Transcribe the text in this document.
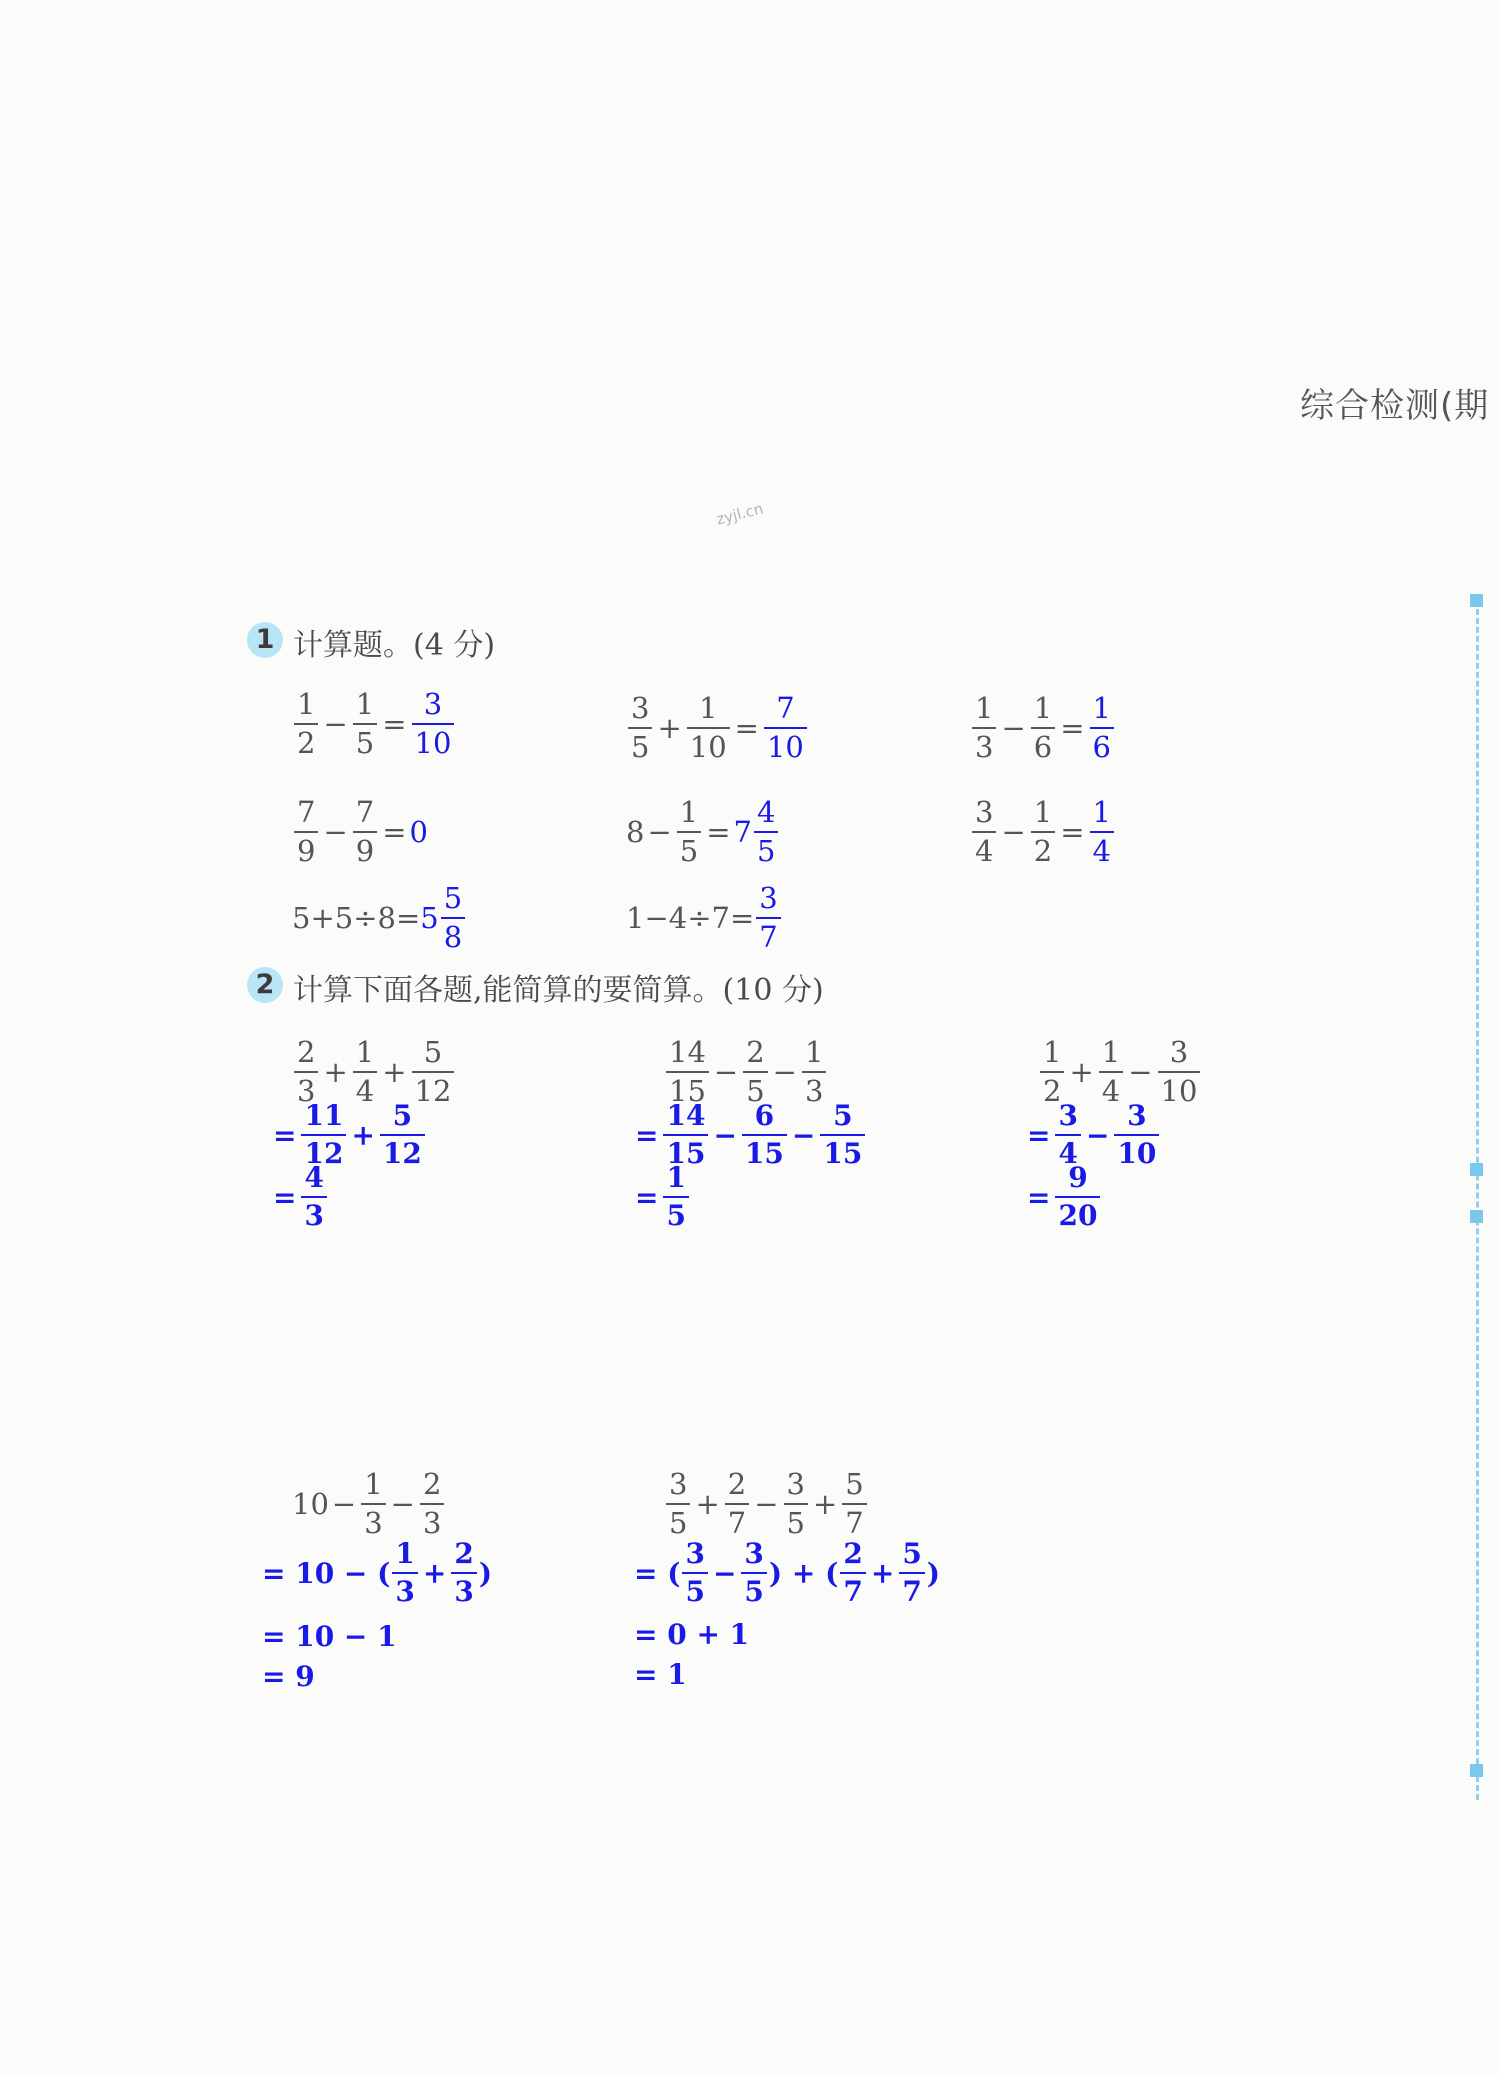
综合检测(期
zyjl.cn
1 计算题。(4 分)
$\frac{1}{2} - \frac{1}{5} = \frac{3}{10}$	$\frac{3}{5} + \frac{1}{10} = \frac{7}{10}$	$\frac{1}{3} - \frac{1}{6} = \frac{1}{6}$
$\frac{7}{9} - \frac{7}{9} = 0$	$8 - \frac{1}{5} = 7 \frac{4}{5}$	$\frac{3}{4} - \frac{1}{2} = \frac{1}{4}$
$5+5\div 8= 5 \frac{5}{8}$	$1-4\div 7= \frac{3}{7}$
2 计算下面各题,能简算的要简算。(10 分)
$\frac{2}{3} + \frac{1}{4} + \frac{5}{12}$
= $\frac{11}{12} + \frac{5}{12}$
= $\frac{4}{3}$
$\frac{14}{15} - \frac{2}{5} - \frac{1}{3}$
= $\frac{14}{15} - \frac{6}{15} - \frac{5}{15}$
= $\frac{1}{5}$
$\frac{1}{2} + \frac{1}{4} - \frac{3}{10}$
= $\frac{3}{4} - \frac{3}{10}$
= $\frac{9}{20}$
$10 - \frac{1}{3} - \frac{2}{3}$
= 10 − ( $\frac{1}{3} + \frac{2}{3}$ )
= 10 − 1
= 9
$\frac{3}{5} + \frac{2}{7} - \frac{3}{5} + \frac{5}{7}$
= ( $\frac{3}{5} - \frac{3}{5}$ ) + ( $\frac{2}{7} + \frac{5}{7}$ )
= 0 + 1
= 1
